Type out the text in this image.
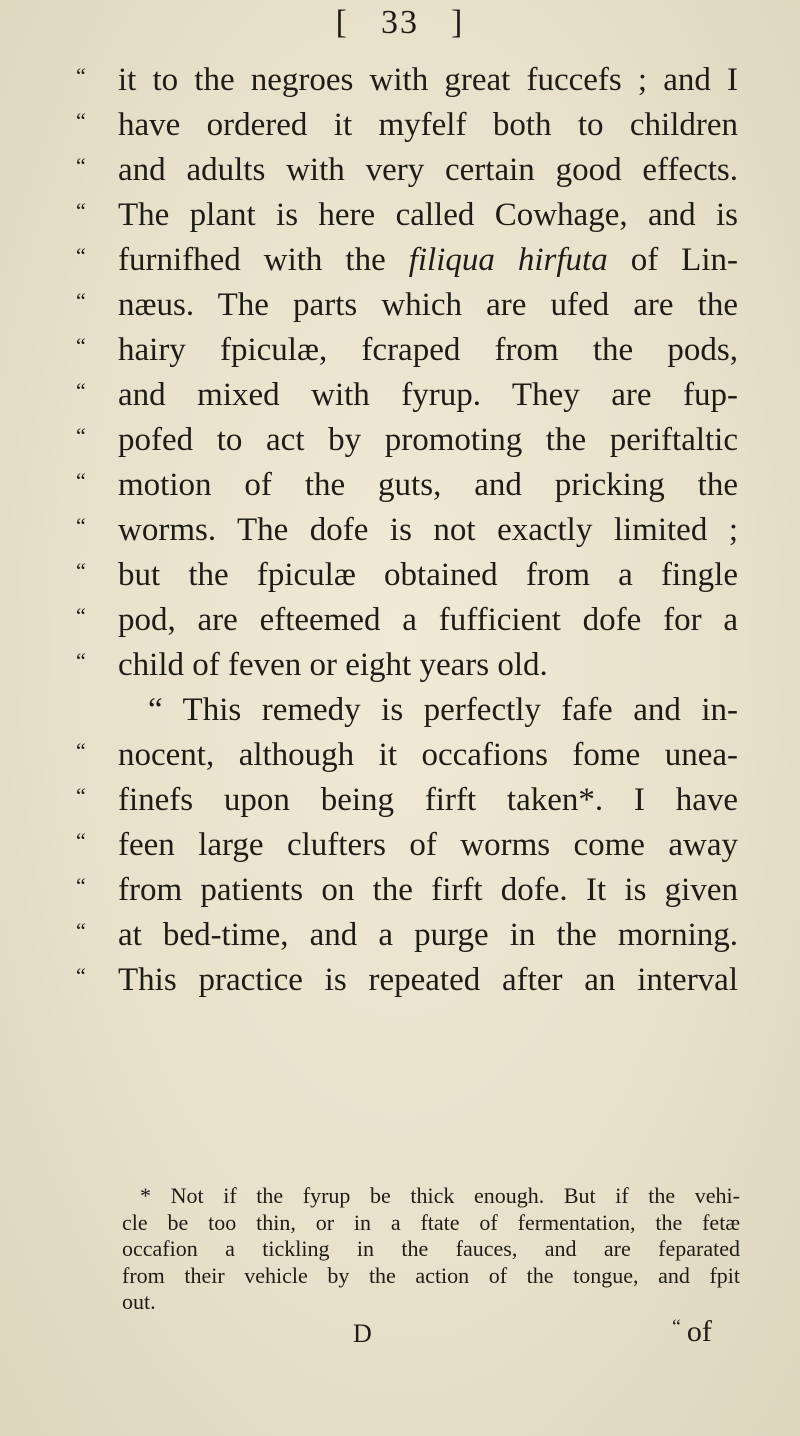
[ 33 ]
“ it to the negroes with great fuccefs ; and I
“ have ordered it myfelf both to children
“ and adults with very certain good effects.
“ The plant is here called Cowhage, and is
“ furnifhed with the filiqua hirfuta of Lin-
“ næus. The parts which are ufed are the
“ hairy fpiculæ, fcraped from the pods,
“ and mixed with fyrup. They are fup-
“ pofed to act by promoting the periftaltic
“ motion of the guts, and pricking the
“ worms. The dofe is not exactly limited ;
“ but the fpiculæ obtained from a fingle
“ pod, are efteemed a fufficient dofe for a
“ child of feven or eight years old.
“ This remedy is perfectly fafe and in-
“ nocent, although it occafions fome unea-
“ finefs upon being firft taken*. I have
“ feen large clufters of worms come away
“ from patients on the firft dofe. It is given
“ at bed-time, and a purge in the morning.
“ This practice is repeated after an interval
* Not if the fyrup be thick enough. But if the vehi-
cle be too thin, or in a ftate of fermentation, the fetæ
occafion a tickling in the fauces, and are feparated
from their vehicle by the action of the tongue, and fpit
out.
D	“ of
